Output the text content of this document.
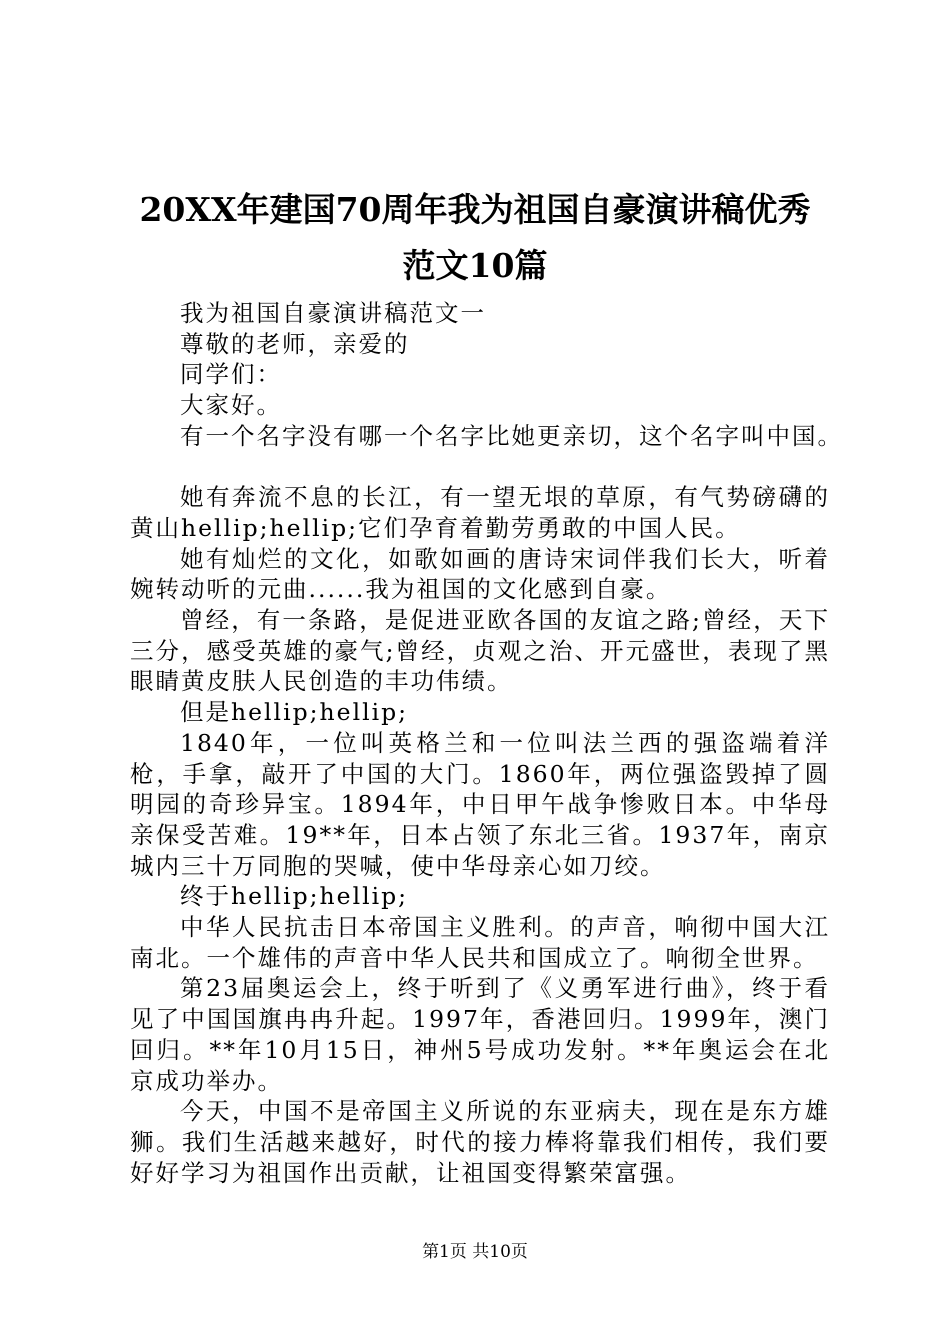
20XX年建国70周年我为祖国自豪演讲稿优秀
范文10篇

我为祖国自豪演讲稿范文一

尊敬的老师，亲爱的

同学们：

大家好。

有一个名字没有哪一个名字比她更亲切，这个名字叫中国。

她有奔流不息的长江，有一望无垠的草原，有气势磅礴的黄山hellip;hellip;它们孕育着勤劳勇敢的中国人民。

她有灿烂的文化，如歌如画的唐诗宋词伴我们长大，听着婉转动听的元曲......我为祖国的文化感到自豪。

曾经，有一条路，是促进亚欧各国的友谊之路;曾经，天下三分，感受英雄的豪气;曾经，贞观之治、开元盛世，表现了黑眼睛黄皮肤人民创造的丰功伟绩。

但是hellip;hellip;

1840年，一位叫英格兰和一位叫法兰西的强盗端着洋枪，手拿，敲开了中国的大门。1860年，两位强盗毁掉了圆明园的奇珍异宝。1894年，中日甲午战争惨败日本。中华母亲保受苦难。19**年，日本占领了东北三省。1937年，南京城内三十万同胞的哭喊，使中华母亲心如刀绞。

终于hellip;hellip;

中华人民抗击日本帝国主义胜利。的声音，响彻中国大江南北。一个雄伟的声音中华人民共和国成立了。响彻全世界。

第23届奥运会上，终于听到了《义勇军进行曲》，终于看见了中国国旗冉冉升起。1997年，香港回归。1999年，澳门回归。**年10月15日，神州5号成功发射。**年奥运会在北京成功举办。

今天，中国不是帝国主义所说的东亚病夫，现在是东方雄狮。我们生活越来越好，时代的接力棒将靠我们相传，我们要好好学习为祖国作出贡献，让祖国变得繁荣富强。

第1页 共10页
